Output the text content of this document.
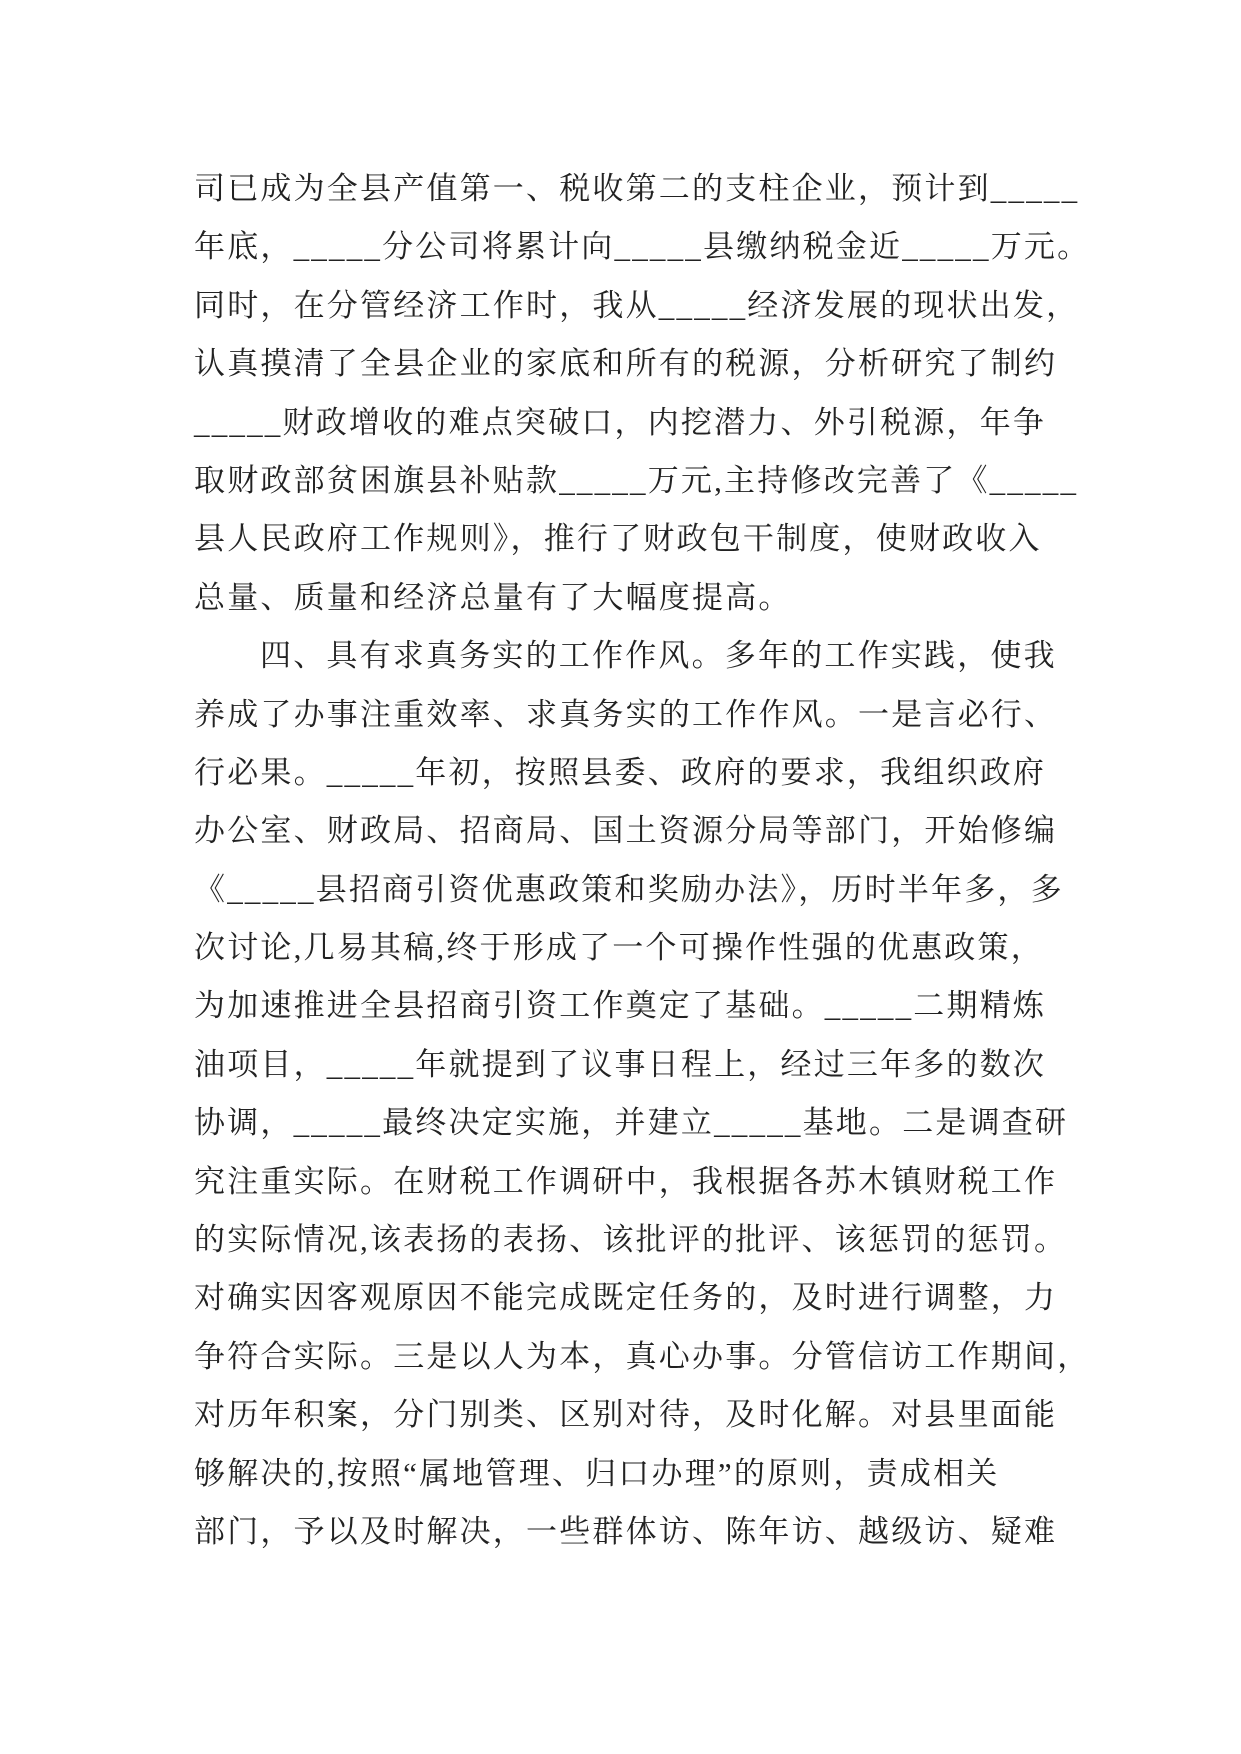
司已成为全县产值第一、税收第二的支柱企业，预计到_____
年底，_____分公司将累计向_____县缴纳税金近_____万元。
同时，在分管经济工作时，我从_____经济发展的现状出发，
认真摸清了全县企业的家底和所有的税源，分析研究了制约
_____财政增收的难点突破口，内挖潜力、外引税源，年争
取财政部贫困旗县补贴款_____万元,主持修改完善了《_____
县人民政府工作规则》，推行了财政包干制度，使财政收入
总量、质量和经济总量有了大幅度提高。
四、具有求真务实的工作作风。多年的工作实践，使我
养成了办事注重效率、求真务实的工作作风。一是言必行、
行必果。_____年初，按照县委、政府的要求，我组织政府
办公室、财政局、招商局、国土资源分局等部门，开始修编
《_____县招商引资优惠政策和奖励办法》，历时半年多，多
次讨论,几易其稿,终于形成了一个可操作性强的优惠政策，
为加速推进全县招商引资工作奠定了基础。_____二期精炼
油项目，_____年就提到了议事日程上，经过三年多的数次
协调，_____最终决定实施，并建立_____基地。二是调查研
究注重实际。在财税工作调研中，我根据各苏木镇财税工作
的实际情况,该表扬的表扬、该批评的批评、该惩罚的惩罚。
对确实因客观原因不能完成既定任务的，及时进行调整，力
争符合实际。三是以人为本，真心办事。分管信访工作期间，
对历年积案，分门别类、区别对待，及时化解。对县里面能
够解决的,按照“属地管理、归口办理”的原则，责成相关
部门，予以及时解决，一些群体访、陈年访、越级访、疑难
